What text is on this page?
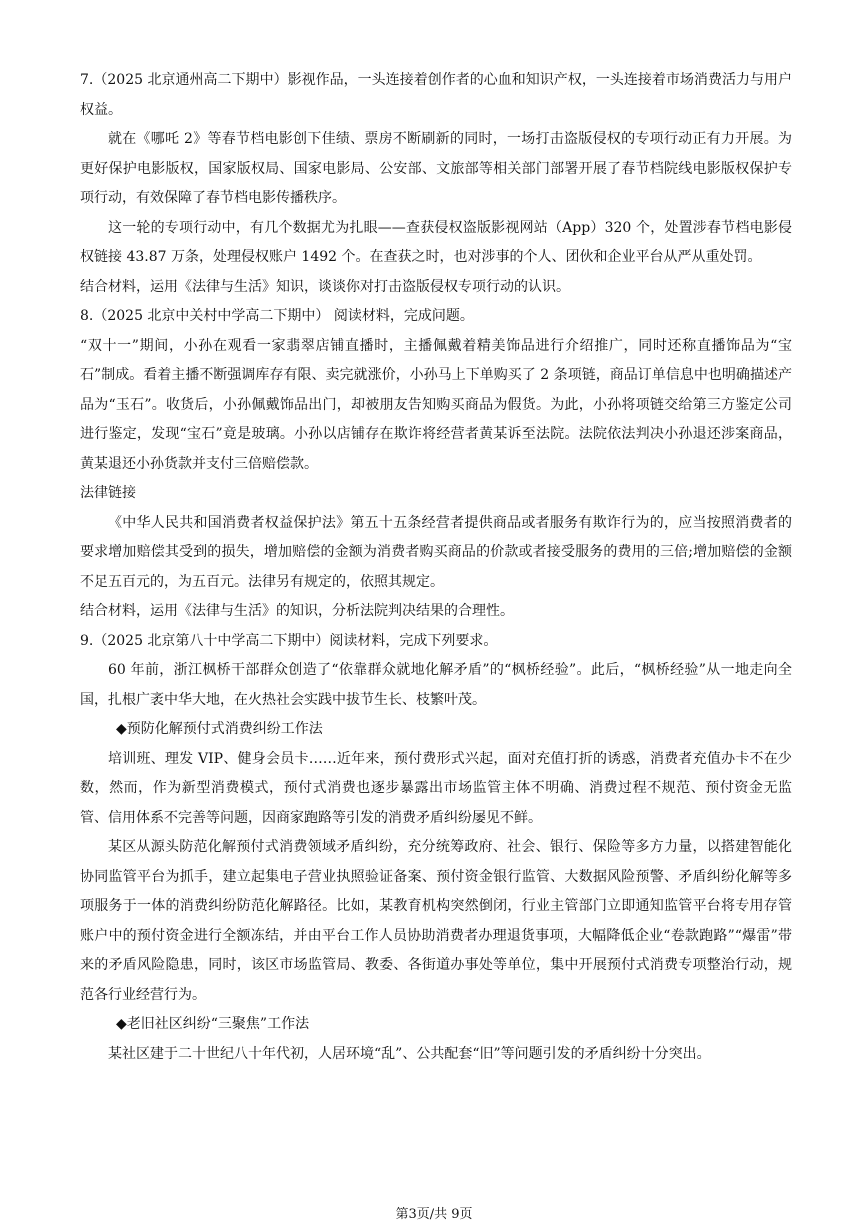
7.（2025 北京通州高二下期中）影视作品，一头连接着创作者的心血和知识产权，一头连接着市场消费活力与用户权益。

就在《哪吒 2》等春节档电影创下佳绩、票房不断刷新的同时，一场打击盗版侵权的专项行动正有力开展。为更好保护电影版权，国家版权局、国家电影局、公安部、文旅部等相关部门部署开展了春节档院线电影版权保护专项行动，有效保障了春节档电影传播秩序。

这一轮的专项行动中，有几个数据尤为扎眼——查获侵权盗版影视网站（App）320 个，处置涉春节档电影侵权链接 43.87 万条，处理侵权账户 1492 个。在查获之时，也对涉事的个人、团伙和企业平台从严从重处罚。

结合材料，运用《法律与生活》知识，谈谈你对打击盗版侵权专项行动的认识。

8.（2025 北京中关村中学高二下期中） 阅读材料，完成问题。

“双十一”期间，小孙在观看一家翡翠店铺直播时，主播佩戴着精美饰品进行介绍推广，同时还称直播饰品为“宝石”制成。看着主播不断强调库存有限、卖完就涨价，小孙马上下单购买了 2 条项链，商品订单信息中也明确描述产品为“玉石”。收货后，小孙佩戴饰品出门，却被朋友告知购买商品为假货。为此，小孙将项链交给第三方鉴定公司进行鉴定，发现“宝石”竟是玻璃。小孙以店铺存在欺诈将经营者黄某诉至法院。法院依法判决小孙退还涉案商品，黄某退还小孙货款并支付三倍赔偿款。

法律链接

《中华人民共和国消费者权益保护法》第五十五条经营者提供商品或者服务有欺诈行为的，应当按照消费者的要求增加赔偿其受到的损失，增加赔偿的金额为消费者购买商品的价款或者接受服务的费用的三倍;增加赔偿的金额不足五百元的，为五百元。法律另有规定的，依照其规定。

结合材料，运用《法律与生活》的知识，分析法院判决结果的合理性。

9.（2025 北京第八十中学高二下期中）阅读材料，完成下列要求。

60 年前，浙江枫桥干部群众创造了“依靠群众就地化解矛盾”的“枫桥经验”。此后，“枫桥经验”从一地走向全国，扎根广袤中华大地，在火热社会实践中拔节生长、枝繁叶茂。

◆预防化解预付式消费纠纷工作法

培训班、理发 VIP、健身会员卡……近年来，预付费形式兴起，面对充值打折的诱惑，消费者充值办卡不在少数，然而，作为新型消费模式，预付式消费也逐步暴露出市场监管主体不明确、消费过程不规范、预付资金无监管、信用体系不完善等问题，因商家跑路等引发的消费矛盾纠纷屡见不鲜。

某区从源头防范化解预付式消费领域矛盾纠纷，充分统筹政府、社会、银行、保险等多方力量，以搭建智能化协同监管平台为抓手，建立起集电子营业执照验证备案、预付资金银行监管、大数据风险预警、矛盾纠纷化解等多项服务于一体的消费纠纷防范化解路径。比如，某教育机构突然倒闭，行业主管部门立即通知监管平台将专用存管账户中的预付资金进行全额冻结，并由平台工作人员协助消费者办理退货事项，大幅降低企业“卷款跑路”“爆雷”带来的矛盾风险隐患，同时，该区市场监管局、教委、各街道办事处等单位，集中开展预付式消费专项整治行动，规范各行业经营行为。

◆老旧社区纠纷“三聚焦”工作法

某社区建于二十世纪八十年代初，人居环境“乱”、公共配套“旧”等问题引发的矛盾纠纷十分突出。

第3页/共 9页
